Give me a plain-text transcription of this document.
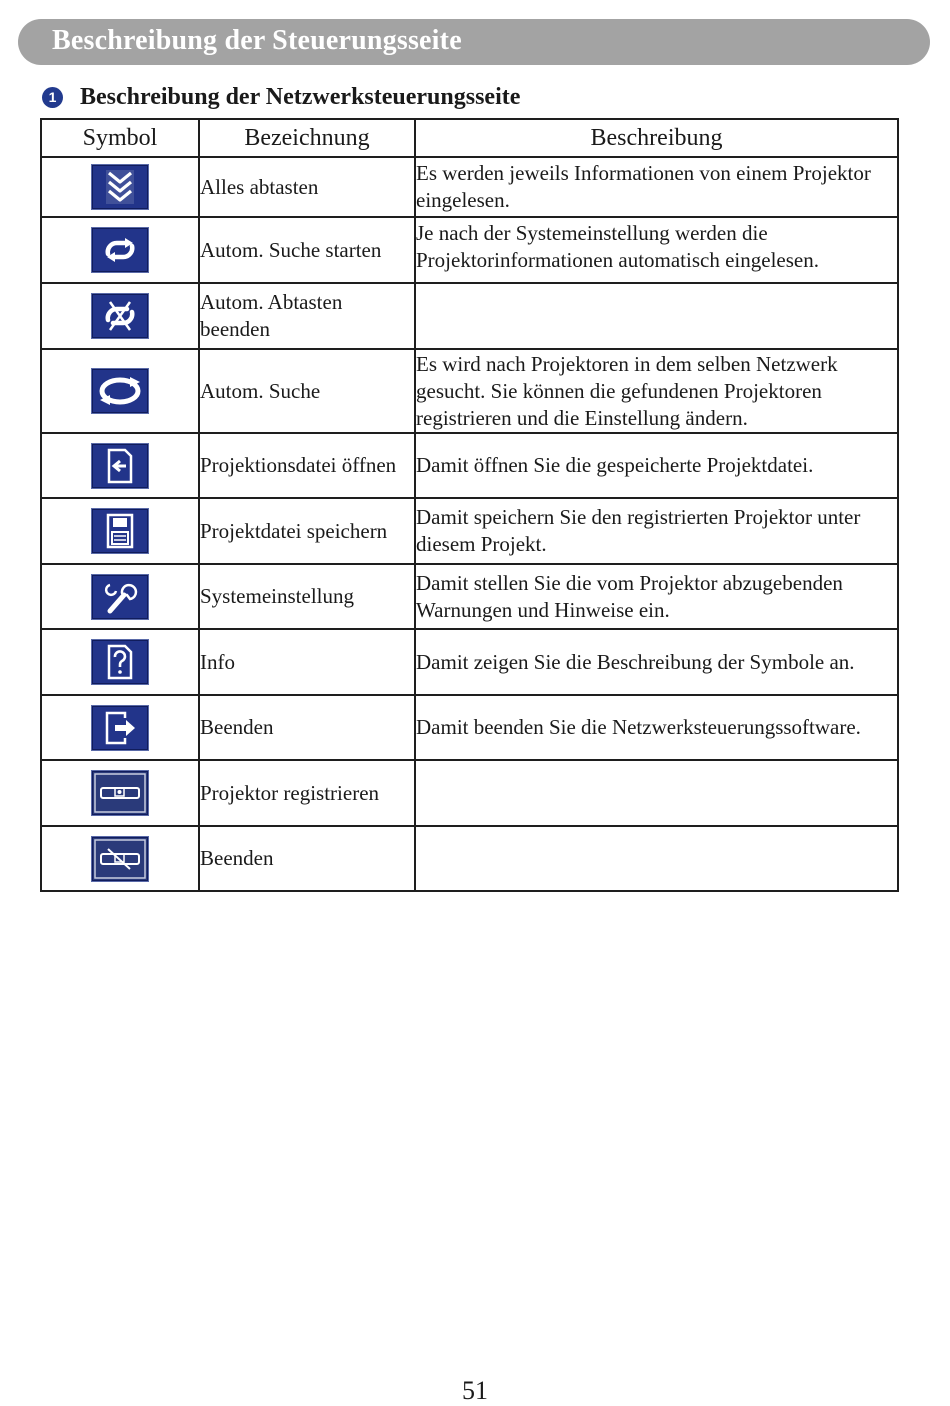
Beschreibung der Steuerungsseite
1 Beschreibung der Netzwerksteuerungsseite
Symbol	Bezeichnung	Beschreibung

	Alles abtasten	Es werden jeweils Informationen von einem Projektor eingelesen.

	Autom. Suche starten	Je nach der Systemeinstellung werden die Projektorinformationen automatisch eingelesen.

	Autom. Abtasten beenden	

	Autom. Suche	Es wird nach Projektoren in dem selben Netzwerk gesucht. Sie können die gefundenen Projektoren registrieren und die Einstellung ändern.

	Projektionsdatei öffnen	Damit öffnen Sie die gespeicherte Projektdatei.

	Projektdatei speichern	Damit speichern Sie den registrierten Projektor unter diesem Projekt.

	Systemeinstellung	Damit stellen Sie die vom Projektor abzugebenden Warnungen und Hinweise ein.

	Info	Damit zeigen Sie die Beschreibung der Symbole an.

	Beenden	Damit beenden Sie die Netzwerksteuerungssoftware.

	Projektor registrieren	

	Beenden	
51
